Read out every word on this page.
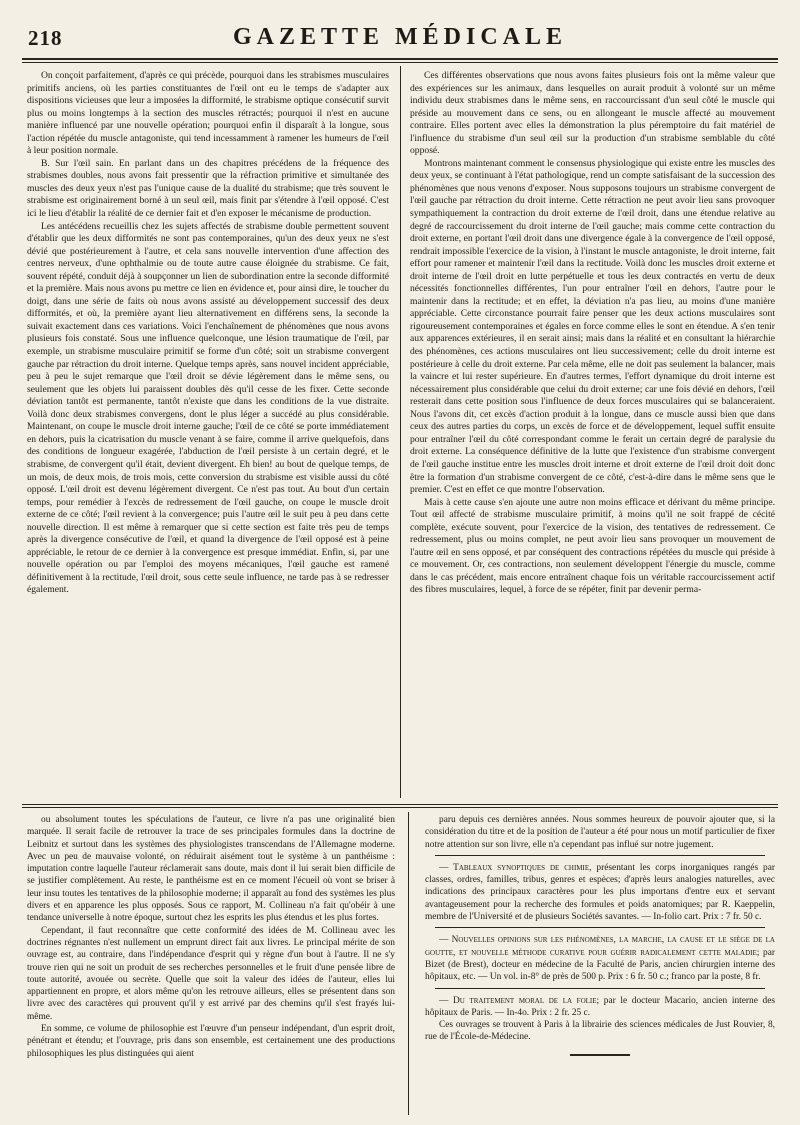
218	GAZETTE MÉDICALE

On conçoit parfaitement, d'après ce qui précède, pourquoi dans les strabismes musculaires primitifs anciens, où les parties constituantes de l'œil ont eu le temps de s'adapter aux dispositions vicieuses que leur a imposées la difformité, le strabisme optique consécutif survit plus ou moins longtemps à la section des muscles rétractés; pourquoi il n'est en aucune manière influencé par une nouvelle opération; pourquoi enfin il disparaît à la longue, sous l'action répétée du muscle antagoniste, qui tend incessamment à ramener les humeurs de l'œil à leur position normale.

B. Sur l'œil sain. En parlant dans un des chapitres précédens de la fréquence des strabismes doubles, nous avons fait pressentir que la réfraction primitive et simultanée des muscles des deux yeux n'est pas l'unique cause de la dualité du strabisme; que très souvent le strabisme est originairement borné à un seul œil, mais finit par s'étendre à l'œil opposé. C'est ici le lieu d'établir la réalité de ce dernier fait et d'en exposer le mécanisme de production.

Les antécédens recueillis chez les sujets affectés de strabisme double permettent souvent d'établir que les deux difformités ne sont pas contemporaines, qu'un des deux yeux ne s'est dévié que postérieurement à l'autre, et cela sans nouvelle intervention d'une affection des centres nerveux, d'une ophthalmie ou de toute autre cause éloignée du strabisme. Ce fait, souvent répété, conduit déjà à soupçonner un lien de subordination entre la seconde difformité et la première. Mais nous avons pu mettre ce lien en évidence et, pour ainsi dire, le toucher du doigt, dans une série de faits où nous avons assisté au développement successif des deux difformités, et où, la première ayant lieu alternativement en différens sens, la seconde la suivait exactement dans ces variations. Voici l'enchaînement de phénomènes que nous avons plusieurs fois constaté. Sous une influence quelconque, une lésion traumatique de l'œil, par exemple, un strabisme musculaire primitif se forme d'un côté; soit un strabisme convergent gauche par rétraction du droit interne. Quelque temps après, sans nouvel incident appréciable, peu à peu le sujet remarque que l'œil droit se dévie légèrement dans le même sens, ou seulement que les objets lui paraissent doubles dès qu'il cesse de les fixer. Cette seconde déviation tantôt est permanente, tantôt n'existe que dans les conditions de la vue distraite. Voilà donc deux strabismes convergens, dont le plus léger a succédé au plus considérable. Maintenant, on coupe le muscle droit interne gauche; l'œil de ce côté se porte immédiatement en dehors, puis la cicatrisation du muscle venant à se faire, comme il arrive quelquefois, dans des conditions de longueur exagérée, l'abduction de l'œil persiste à un certain degré, et le strabisme, de convergent qu'il était, devient divergent. Eh bien! au bout de quelque temps, de un mois, de deux mois, de trois mois, cette conversion du strabisme est visible aussi du côté opposé. L'œil droit est devenu légèrement divergent. Ce n'est pas tout. Au bout d'un certain temps, pour remédier à l'excès de redressement de l'œil gauche, on coupe le muscle droit externe de ce côté; l'œil revient à la convergence; puis l'autre œil le suit peu à peu dans cette nouvelle direction. Il est même à remarquer que si cette section est faite très peu de temps après la divergence consécutive de l'œil, et quand la divergence de l'œil opposé est à peine appréciable, le retour de ce dernier à la convergence est presque immédiat. Enfin, si, par une nouvelle opération ou par l'emploi des moyens mécaniques, l'œil gauche est ramené définitivement à la rectitude, l'œil droit, sous cette seule influence, ne tarde pas à se redresser également.

Ces différentes observations que nous avons faites plusieurs fois ont la même valeur que des expériences sur les animaux, dans lesquelles on aurait produit à volonté sur un même individu deux strabismes dans le même sens, en raccourcissant d'un seul côté le muscle qui préside au mouvement dans ce sens, ou en allongeant le muscle affecté au mouvement contraire. Elles portent avec elles la démonstration la plus péremptoire du fait matériel de l'influence du strabisme d'un seul œil sur la production d'un strabisme semblable du côté opposé.

Montrons maintenant comment le consensus physiologique qui existe entre les muscles des deux yeux, se continuant à l'état pathologique, rend un compte satisfaisant de la succession des phénomènes que nous venons d'exposer. Nous supposons toujours un strabisme convergent de l'œil gauche par rétraction du droit interne. Cette rétraction ne peut avoir lieu sans provoquer sympathiquement la contraction du droit externe de l'œil droit, dans une étendue relative au degré de raccourcissement du droit interne de l'œil gauche; mais comme cette contraction du droit externe, en portant l'œil droit dans une divergence égale à la convergence de l'œil opposé, rendrait impossible l'exercice de la vision, à l'instant le muscle antagoniste, le droit interne, fait effort pour ramener et maintenir l'œil dans la rectitude. Voilà donc les muscles droit externe et droit interne de l'œil droit en lutte perpétuelle et tous les deux contractés en vertu de deux nécessités fonctionnelles différentes, l'un pour entraîner l'œil en dehors, l'autre pour le maintenir dans la rectitude; et en effet, la déviation n'a pas lieu, au moins d'une manière appréciable. Cette circonstance pourrait faire penser que les deux actions musculaires sont rigoureusement contemporaines et égales en force comme elles le sont en étendue. A s'en tenir aux apparences extérieures, il en serait ainsi; mais dans la réalité et en consultant la hiérarchie des phénomènes, ces actions musculaires ont lieu successivement; celle du droit interne est postérieure à celle du droit externe. Par cela même, elle ne doit pas seulement la balancer, mais la vaincre et lui rester supérieure. En d'autres termes, l'effort dynamique du droit interne est nécessairement plus considérable que celui du droit externe; car une fois dévié en dehors, l'œil resterait dans cette position sous l'influence de deux forces musculaires qui se balanceraient. Nous l'avons dit, cet excès d'action produit à la longue, dans ce muscle aussi bien que dans ceux des autres parties du corps, un excès de force et de développement, lequel suffit ensuite pour entraîner l'œil du côté correspondant comme le ferait un certain degré de paralysie du droit externe. La conséquence définitive de la lutte que l'existence d'un strabisme convergent de l'œil gauche institue entre les muscles droit interne et droit externe de l'œil droit doit donc être la formation d'un strabisme convergent de ce côté, c'est-à-dire dans le même sens que le premier. C'est en effet ce que montre l'observation.

Mais à cette cause s'en ajoute une autre non moins efficace et dérivant du même principe. Tout œil affecté de strabisme musculaire primitif, à moins qu'il ne soit frappé de cécité complète, exécute souvent, pour l'exercice de la vision, des tentatives de redressement. Ce redressement, plus ou moins complet, ne peut avoir lieu sans provoquer un mouvement de l'autre œil en sens opposé, et par conséquent des contractions répétées du muscle qui préside à ce mouvement. Or, ces contractions, non seulement développent l'énergie du muscle, comme dans le cas précédent, mais encore entraînent chaque fois un véritable raccourcissement actif des fibres musculaires, lequel, à force de se répéter, finit par devenir perma-

ou absolument toutes les spéculations de l'auteur, ce livre n'a pas une originalité bien marquée. Il serait facile de retrouver la trace de ses principales formules dans la doctrine de Leibnitz et surtout dans les systèmes des physiologistes transcendans de l'Allemagne moderne. Avec un peu de mauvaise volonté, on réduirait aisément tout le système à un panthéisme : imputation contre laquelle l'auteur réclamerait sans doute, mais dont il lui serait bien difficile de se justifier complètement. Au reste, le panthéisme est en ce moment l'écueil où vont se briser à leur insu toutes les tentatives de la philosophie moderne; il apparaît au fond des systèmes les plus divers et en apparence les plus opposés. Sous ce rapport, M. Collineau n'a fait qu'obéir à une tendance universelle à notre époque, surtout chez les esprits les plus étendus et les plus fortes.

Cependant, il faut reconnaître que cette conformité des idées de M. Collineau avec les doctrines régnantes n'est nullement un emprunt direct fait aux livres. Le principal mérite de son ouvrage est, au contraire, dans l'indépendance d'esprit qui y règne d'un bout à l'autre. Il ne s'y trouve rien qui ne soit un produit de ses recherches personnelles et le fruit d'une pensée libre de toute autorité, avouée ou secrète. Quelle que soit la valeur des idées de l'auteur, elles lui appartiennent en propre, et alors même qu'on les retrouve ailleurs, elles se présentent dans son livre avec des caractères qui prouvent qu'il y est arrivé par des chemins qu'il s'est frayés lui-même.

En somme, ce volume de philosophie est l'œuvre d'un penseur indépendant, d'un esprit droit, pénétrant et étendu; et l'ouvrage, pris dans son ensemble, est certainement une des productions philosophiques les plus distinguées qui aient

paru depuis ces dernières années. Nous sommes heureux de pouvoir ajouter que, si la considération du titre et de la position de l'auteur a été pour nous un motif particulier de fixer notre attention sur son livre, elle n'a cependant pas influé sur notre jugement.

— Tableaux synoptiques de chimie, présentant les corps inorganiques rangés par classes, ordres, familles, tribus, genres et espèces; d'après leurs analogies naturelles, avec indications des principaux caractères pour les plus importans d'entre eux et servant avantageusement pour la recherche des formules et poids anatomiques; par R. Kaeppelin, membre de l'Université et de plusieurs Sociétés savantes. — In-folio cart. Prix : 7 fr. 50 c.

— Nouvelles opinions sur les phénomènes, la marche, la cause et le siège de la goutte, et nouvelle méthode curative pour guérir radicalement cette maladie; par Bizet (de Brest), docteur en médecine de la Faculté de Paris, ancien chirurgien interne des hôpitaux, etc. — Un vol. in-8° de près de 500 p. Prix : 6 fr. 50 c.; franco par la poste, 8 fr.

— Du traitement moral de la folie; par le docteur Macario, ancien interne des hôpitaux de Paris. — In-4o. Prix : 2 fr. 25 c.

Ces ouvrages se trouvent à Paris à la librairie des sciences médicales de Just Rouvier, 8, rue de l'École-de-Médecine.
